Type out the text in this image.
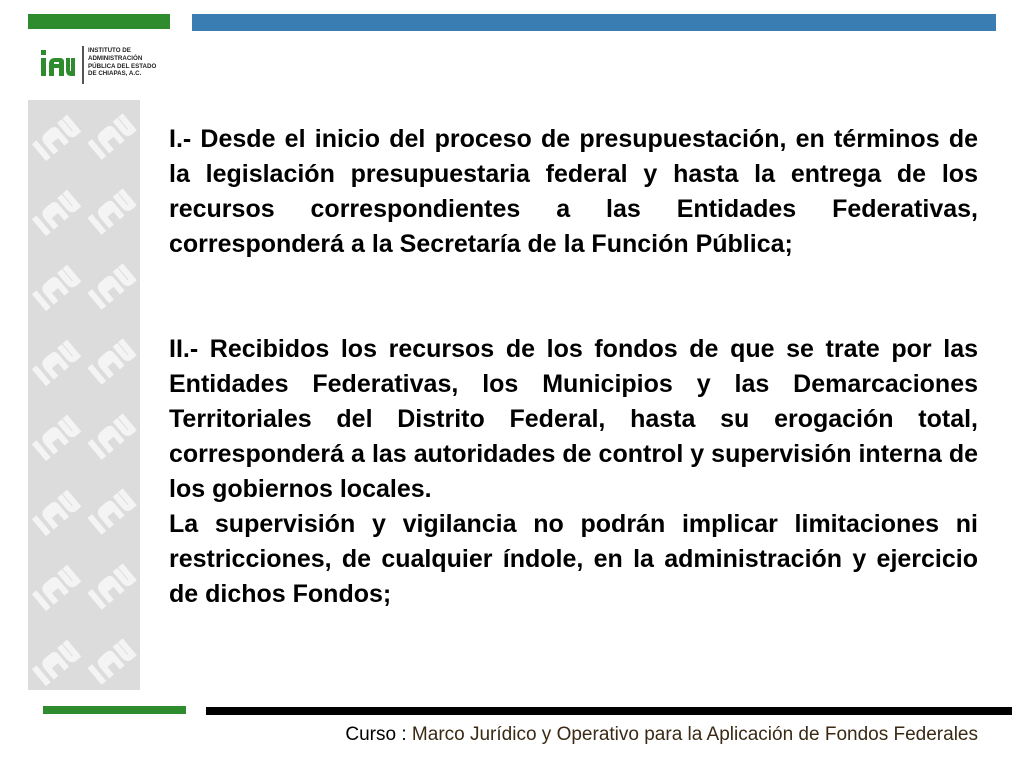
INSTITUTO DE
ADMINISTRACIÓN
PÚBLICA DEL ESTADO
DE CHIAPAS, A.C.

I.- Desde el inicio del proceso de presupuestación, en términos de la legislación presupuestaria federal y hasta la entrega de los recursos correspondientes a las Entidades Federativas, corresponderá a la Secretaría de la Función Pública;

II.- Recibidos los recursos de los fondos de que se trate por las Entidades Federativas, los Municipios y las Demarcaciones Territoriales del Distrito Federal, hasta su erogación total, corresponderá a las autoridades de control y supervisión interna de los gobiernos locales.

La supervisión y vigilancia no podrán implicar limitaciones ni restricciones, de cualquier índole, en la administración y ejercicio de dichos Fondos;

Curso : Marco Jurídico y Operativo para la Aplicación de Fondos Federales
